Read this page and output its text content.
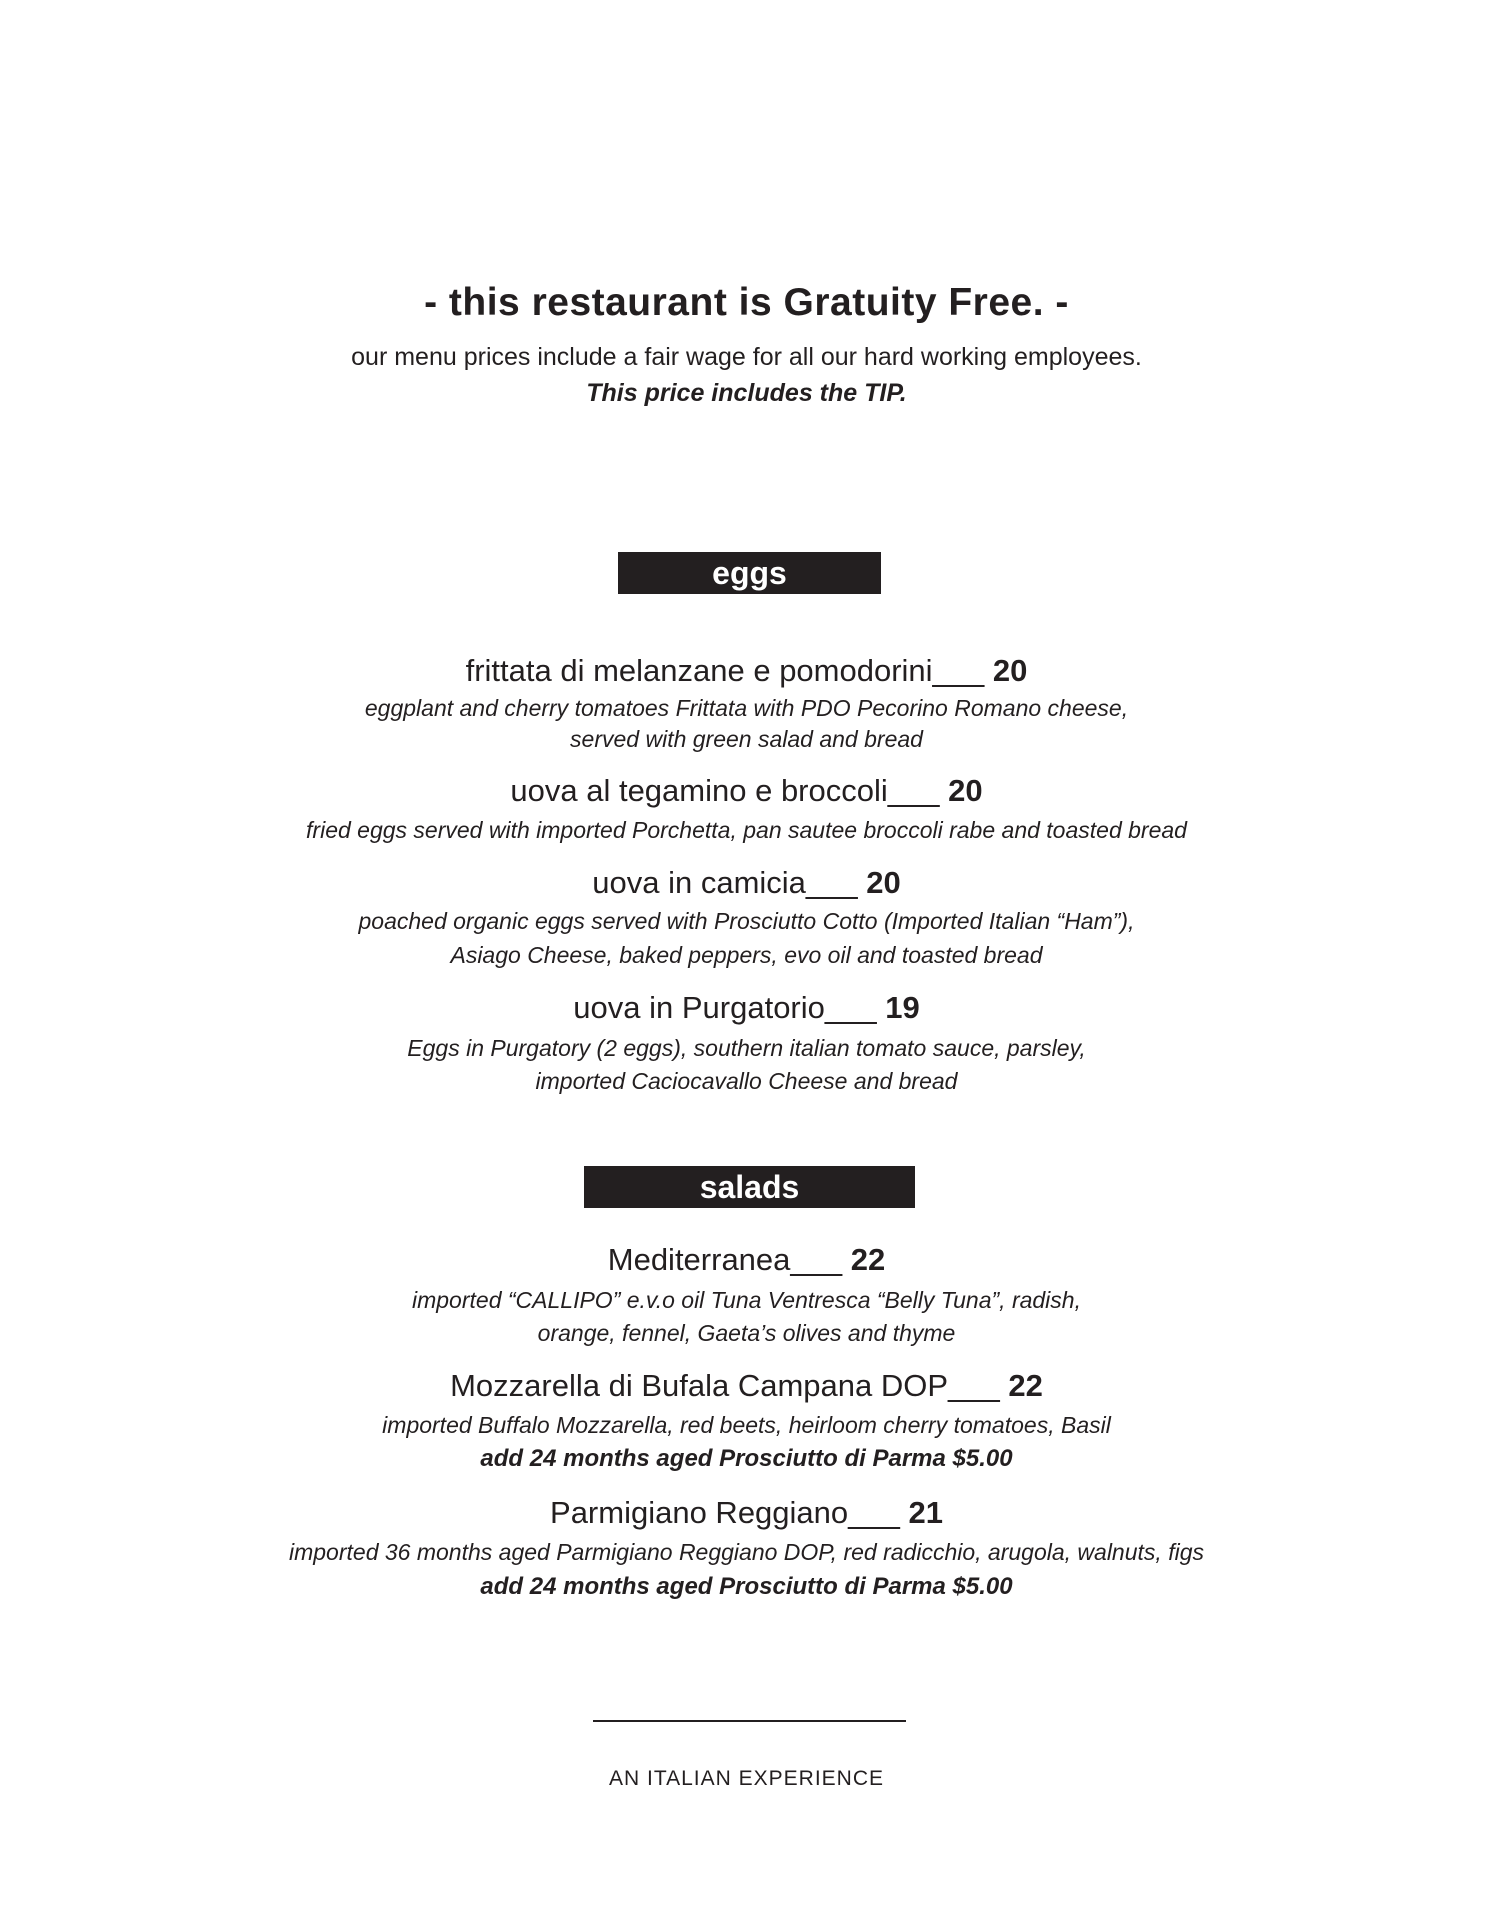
- this restaurant is Gratuity Free. -
our menu prices include a fair wage for all our hard working employees.
This price includes the TIP.
eggs
frittata di melanzane e pomodorini___ 20
eggplant and cherry tomatoes Frittata with PDO Pecorino Romano cheese,
served with green salad and bread
uova al tegamino e broccoli___ 20
fried eggs served with imported Porchetta, pan sautee broccoli rabe and toasted bread
uova in camicia___ 20
poached organic eggs served with Prosciutto Cotto (Imported Italian “Ham”),
Asiago Cheese, baked peppers, evo oil and toasted bread
uova in Purgatorio___ 19
Eggs in Purgatory (2 eggs), southern italian tomato sauce, parsley,
imported Caciocavallo Cheese and bread
salads
Mediterranea___ 22
imported “CALLIPO” e.v.o oil Tuna Ventresca “Belly Tuna”, radish,
orange, fennel, Gaeta’s olives and thyme
Mozzarella di Bufala Campana DOP___ 22
imported Buffalo Mozzarella, red beets, heirloom cherry tomatoes, Basil
add 24 months aged Prosciutto di Parma $5.00
Parmigiano Reggiano___ 21
imported 36 months aged Parmigiano Reggiano DOP, red radicchio, arugola, walnuts, figs
add 24 months aged Prosciutto di Parma $5.00
AN ITALIAN EXPERIENCE
